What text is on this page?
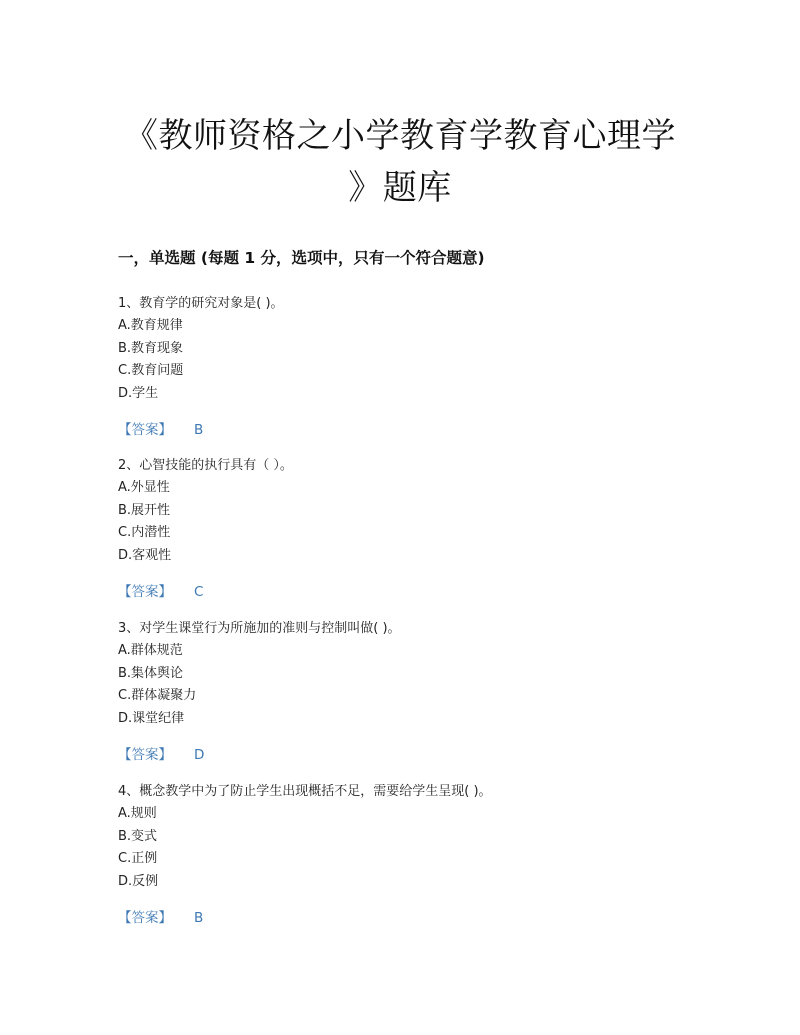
《教师资格之小学教育学教育心理学
》题库
一，单选题 (每题 1 分，选项中，只有一个符合题意)
1、教育学的研究对象是( )。
A.教育规律
B.教育现象
C.教育问题
D.学生
【答案】 B
2、心智技能的执行具有（ ）。
A.外显性
B.展开性
C.内潜性
D.客观性
【答案】 C
3、对学生课堂行为所施加的准则与控制叫做( )。
A.群体规范
B.集体舆论
C.群体凝聚力
D.课堂纪律
【答案】 D
4、概念教学中为了防止学生出现概括不足，需要给学生呈现( )。
A.规则
B.变式
C.正例
D.反例
【答案】 B
